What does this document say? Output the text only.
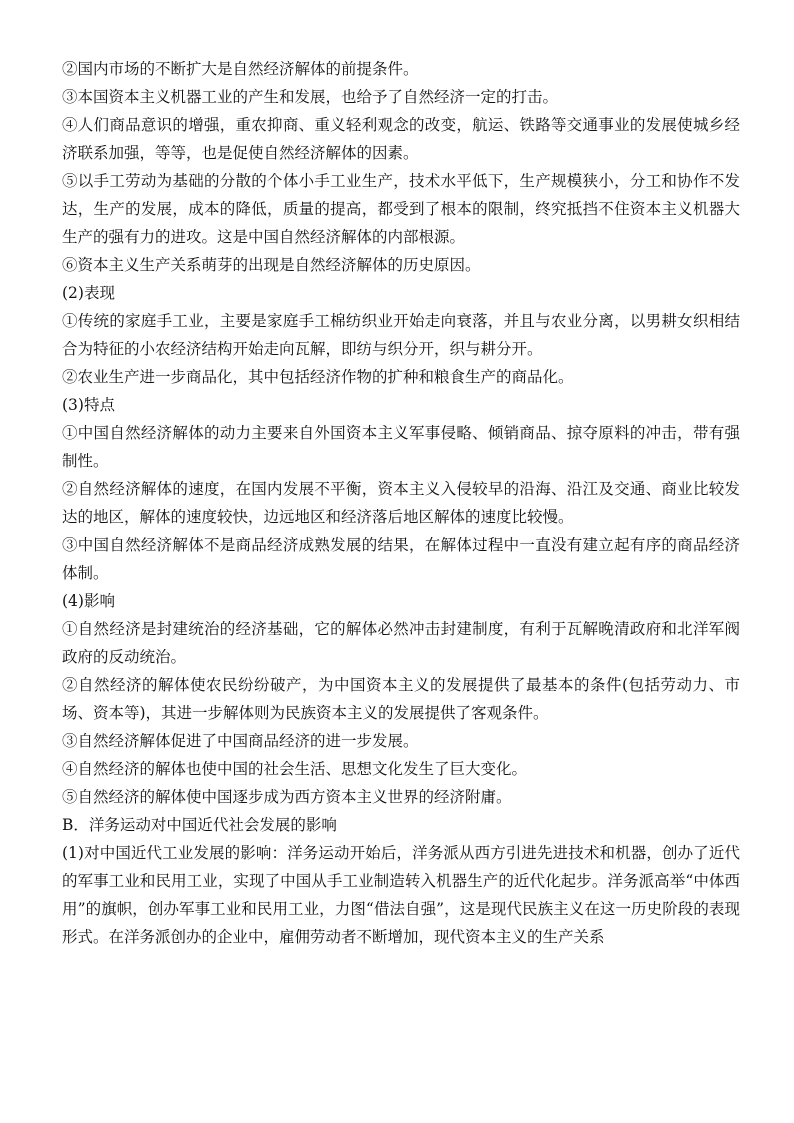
②国内市场的不断扩大是自然经济解体的前提条件。

③本国资本主义机器工业的产生和发展，也给予了自然经济一定的打击。

④人们商品意识的增强，重农抑商、重义轻利观念的改变，航运、铁路等交通事业的发展使城乡经济联系加强，等等，也是促使自然经济解体的因素。

⑤以手工劳动为基础的分散的个体小手工业生产，技术水平低下，生产规模狭小，分工和协作不发达，生产的发展，成本的降低，质量的提高，都受到了根本的限制，终究抵挡不住资本主义机器大生产的强有力的进攻。这是中国自然经济解体的内部根源。

⑥资本主义生产关系萌芽的出现是自然经济解体的历史原因。

(2)表现

①传统的家庭手工业，主要是家庭手工棉纺织业开始走向衰落，并且与农业分离，以男耕女织相结合为特征的小农经济结构开始走向瓦解，即纺与织分开，织与耕分开。

②农业生产进一步商品化，其中包括经济作物的扩种和粮食生产的商品化。

(3)特点

①中国自然经济解体的动力主要来自外国资本主义军事侵略、倾销商品、掠夺原料的冲击，带有强制性。

②自然经济解体的速度，在国内发展不平衡，资本主义入侵较早的沿海、沿江及交通、商业比较发达的地区，解体的速度较快，边远地区和经济落后地区解体的速度比较慢。

③中国自然经济解体不是商品经济成熟发展的结果，在解体过程中一直没有建立起有序的商品经济体制。

(4)影响

①自然经济是封建统治的经济基础，它的解体必然冲击封建制度，有利于瓦解晚清政府和北洋军阀政府的反动统治。

②自然经济的解体使农民纷纷破产，为中国资本主义的发展提供了最基本的条件(包括劳动力、市场、资本等)，其进一步解体则为民族资本主义的发展提供了客观条件。

③自然经济解体促进了中国商品经济的进一步发展。

④自然经济的解体也使中国的社会生活、思想文化发生了巨大变化。

⑤自然经济的解体使中国逐步成为西方资本主义世界的经济附庸。

B．洋务运动对中国近代社会发展的影响

(1)对中国近代工业发展的影响：洋务运动开始后，洋务派从西方引进先进技术和机器，创办了近代的军事工业和民用工业，实现了中国从手工业制造转入机器生产的近代化起步。洋务派高举“中体西用”的旗帜，创办军事工业和民用工业，力图“借法自强”，这是现代民族主义在这一历史阶段的表现形式。在洋务派创办的企业中，雇佣劳动者不断增加，现代资本主义的生产关系
